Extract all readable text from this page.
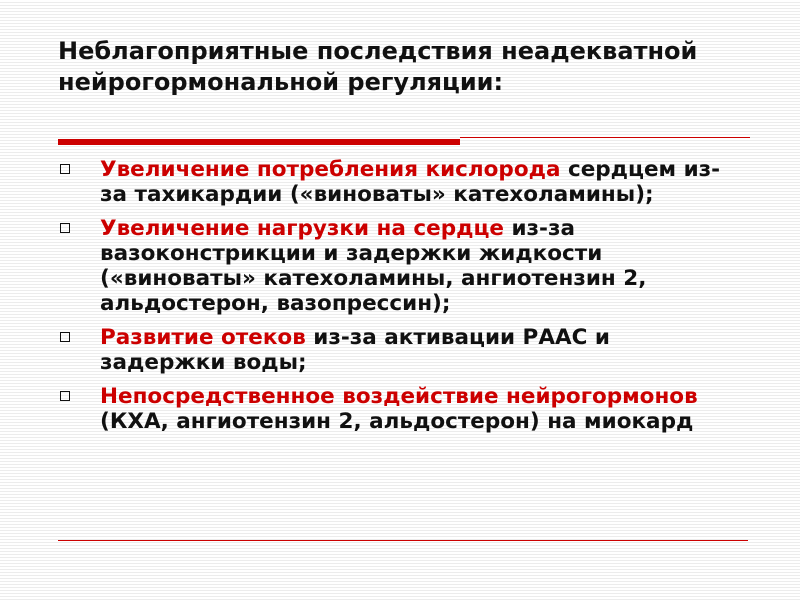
Неблагоприятные последствия неадекватной нейрогормональной регуляции:
Увеличение потребления кислорода сердцем из-за тахикардии («виноваты» катехоламины);
Увеличение нагрузки на сердце из-за вазоконстрикции и задержки жидкости («виноваты» катехоламины, ангиотензин 2, альдостерон, вазопрессин);
Развитие отеков из-за активации РААС и задержки воды;
Непосредственное воздействие нейрогормонов (КХА, ангиотензин 2, альдостерон) на миокард
